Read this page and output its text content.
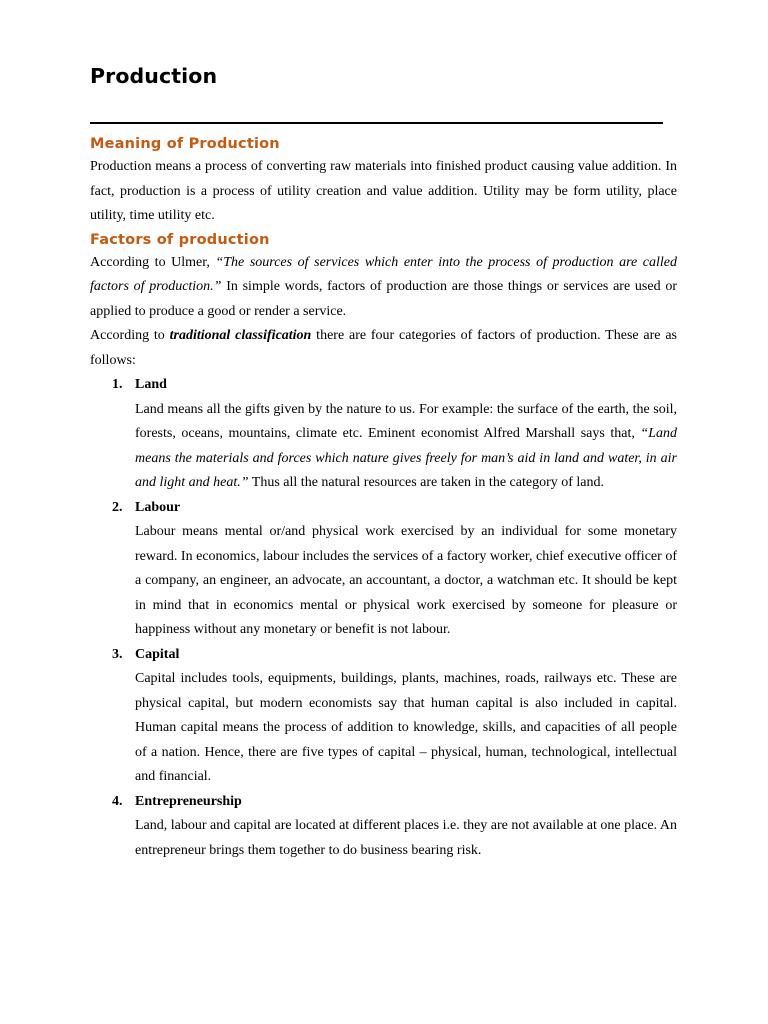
Production
Meaning of Production

Production means a process of converting raw materials into finished product causing value addition. In fact, production is a process of utility creation and value addition. Utility may be form utility, place utility, time utility etc.

Factors of production

According to Ulmer, “The sources of services which enter into the process of production are called factors of production.” In simple words, factors of production are those things or services are used or applied to produce a good or render a service.

According to traditional classification there are four categories of factors of production. These are as follows:

1. Land

Land means all the gifts given by the nature to us. For example: the surface of the earth, the soil, forests, oceans, mountains, climate etc. Eminent economist Alfred Marshall says that, “Land means the materials and forces which nature gives freely for man’s aid in land and water, in air and light and heat.” Thus all the natural resources are taken in the category of land.

2. Labour

Labour means mental or/and physical work exercised by an individual for some monetary reward. In economics, labour includes the services of a factory worker, chief executive officer of a company, an engineer, an advocate, an accountant, a doctor, a watchman etc. It should be kept in mind that in economics mental or physical work exercised by someone for pleasure or happiness without any monetary or benefit is not labour.

3. Capital

Capital includes tools, equipments, buildings, plants, machines, roads, railways etc. These are physical capital, but modern economists say that human capital is also included in capital. Human capital means the process of addition to knowledge, skills, and capacities of all people of a nation. Hence, there are five types of capital – physical, human, technological, intellectual and financial.

4. Entrepreneurship

Land, labour and capital are located at different places i.e. they are not available at one place. An entrepreneur brings them together to do business bearing risk.
